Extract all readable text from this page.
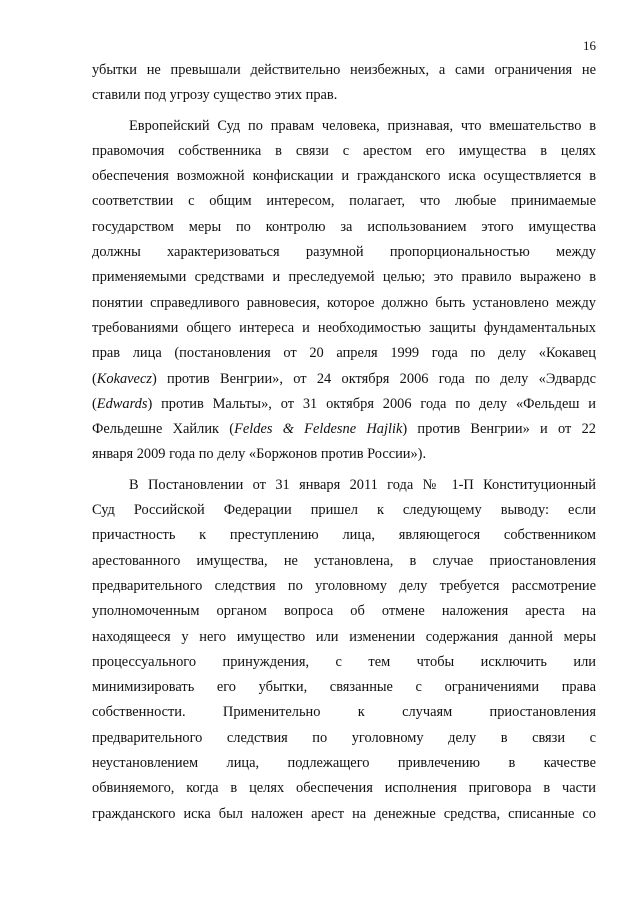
16
убытки не превышали действительно неизбежных, а сами ограничения не
ставили под угрозу существо этих прав.
Европейский Суд по правам человека, признавая, что вмешательство в
правомочия собственника в связи с арестом его имущества в целях
обеспечения возможной конфискации и гражданского иска осуществляется в
соответствии с общим интересом, полагает, что любые принимаемые
государством меры по контролю за использованием этого имущества
должны характеризоваться разумной пропорциональностью между
применяемыми средствами и преследуемой целью; это правило выражено в
понятии справедливого равновесия, которое должно быть установлено между
требованиями общего интереса и необходимостью защиты фундаментальных
прав лица (постановления от 20 апреля 1999 года по делу «Кокавец
(Kokavecz) против Венгрии», от 24 октября 2006 года по делу «Эдвардс
(Edwards) против Мальты», от 31 октября 2006 года по делу «Фельдеш и
Фельдешне Хайлик (Feldes & Feldesne Hajlik) против Венгрии» и от 22
января 2009 года по делу «Боржонов против России»).
В Постановлении от 31 января 2011 года № 1-П Конституционный
Суд Российской Федерации пришел к следующему выводу: если
причастность к преступлению лица, являющегося собственником
арестованного имущества, не установлена, в случае приостановления
предварительного следствия по уголовному делу требуется рассмотрение
уполномоченным органом вопроса об отмене наложения ареста на
находящееся у него имущество или изменении содержания данной меры
процессуального принуждения, с тем чтобы исключить или
минимизировать его убытки, связанные с ограничениями права
собственности. Применительно к случаям приостановления
предварительного следствия по уголовному делу в связи с
неустановлением лица, подлежащего привлечению в качестве
обвиняемого, когда в целях обеспечения исполнения приговора в части
гражданского иска был наложен арест на денежные средства, списанные со
